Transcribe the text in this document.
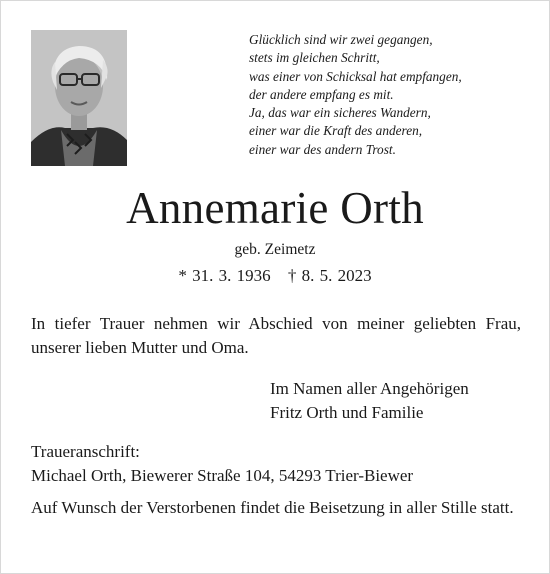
Glücklich sind wir zwei gegangen,
stets im gleichen Schritt,
was einer von Schicksal hat empfangen,
der andere empfang es mit.
Ja, das war ein sicheres Wandern,
einer war die Kraft des anderen,
einer war des andern Trost.
Annemarie Orth
geb. Zeimetz
* 31. 3. 1936 † 8. 5. 2023
In tiefer Trauer nehmen wir Abschied von meiner geliebten Frau, unserer lieben Mutter und Oma.
Im Namen aller Angehörigen
Fritz Orth und Familie
Traueranschrift:
Michael Orth, Biewerer Straße 104, 54293 Trier-Biewer
Auf Wunsch der Verstorbenen findet die Beisetzung in aller Stille statt.
